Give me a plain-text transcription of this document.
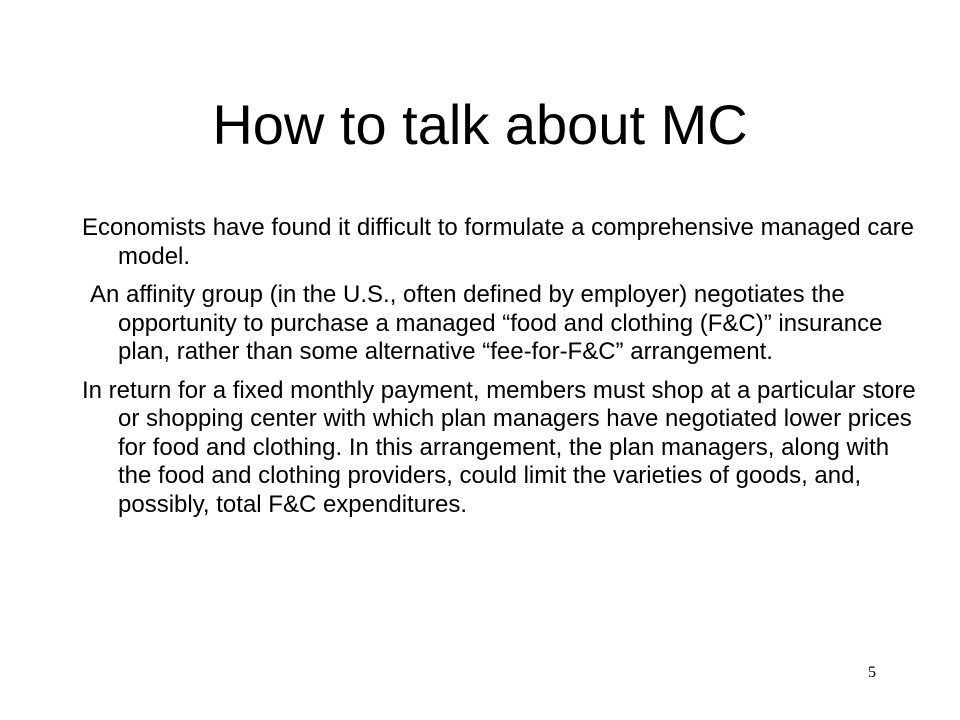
How to talk about MC

Economists have found it difficult to formulate a comprehensive managed care model.

An affinity group (in the U.S., often defined by employer) negotiates the opportunity to purchase a managed “food and clothing (F&C)” insurance plan, rather than some alternative “fee-for-F&C” arrangement.

In return for a fixed monthly payment, members must shop at a particular store or shopping center with which plan managers have negotiated lower prices for food and clothing. In this arrangement, the plan managers, along with the food and clothing providers, could limit the varieties of goods, and, possibly, total F&C expenditures.

5
